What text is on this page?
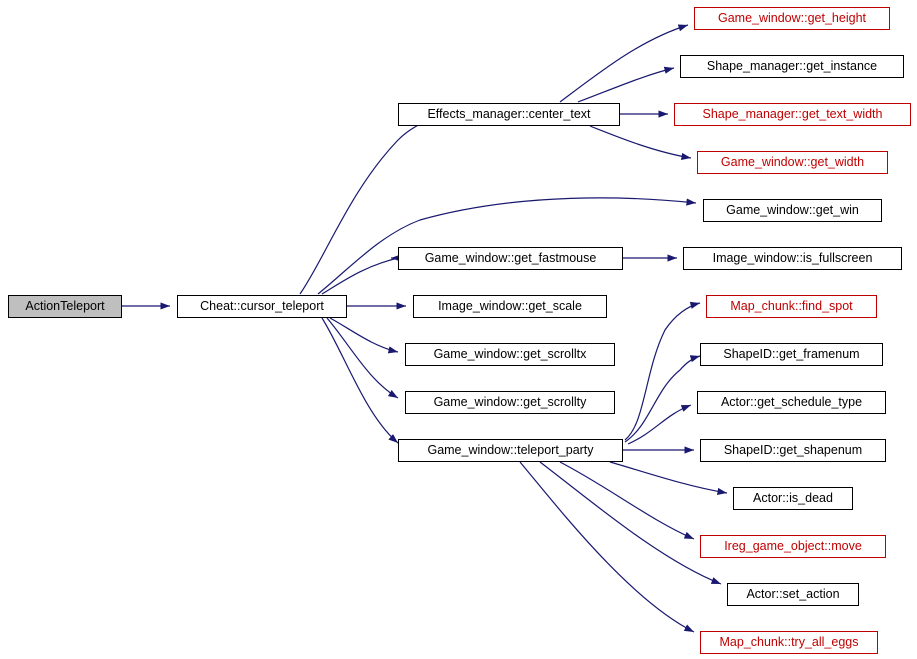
ActionTeleport	Cheat::cursor_teleport
Effects_manager::center_text
Game_window::get_height
Shape_manager::get_instance
Shape_manager::get_text_width
Game_window::get_width
Game_window::get_win
Game_window::get_fastmouse	Image_window::is_fullscreen
Image_window::get_scale	Map_chunk::find_spot
Game_window::get_scrolltx	ShapeID::get_framenum
Actor::get_schedule_type
Game_window::get_scrollty
Game_window::teleport_party	ShapeID::get_shapenum
Actor::is_dead
Ireg_game_object::move
Actor::set_action
Map_chunk::try_all_eggs
